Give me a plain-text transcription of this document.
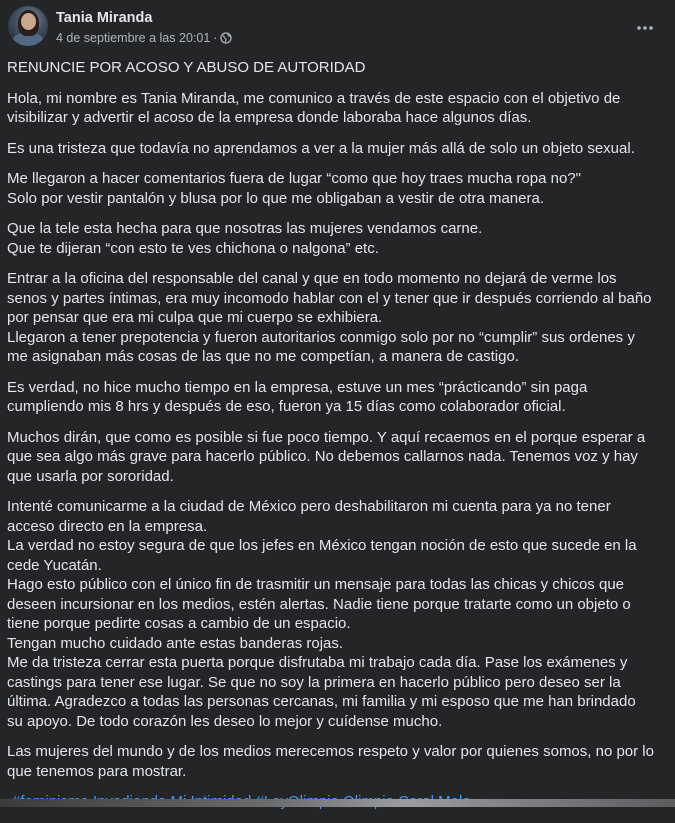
Tania Miranda
4 de septiembre a las 20:01 ·

RENUNCIE POR ACOSO Y ABUSO DE AUTORIDAD

Hola, mi nombre es Tania Miranda, me comunico a través de este espacio con el objetivo de visibilizar y advertir el acoso de la empresa donde laboraba hace algunos días.

Es una tristeza que todavía no aprendamos a ver a la mujer más allá de solo un objeto sexual.

Me llegaron a hacer comentarios fuera de lugar “como que hoy traes mucha ropa no?"
Solo por vestir pantalón y blusa por lo que me obligaban a vestir de otra manera.

Que la tele esta hecha para que nosotras las mujeres vendamos carne.
Que te dijeran “con esto te ves chichona o nalgona” etc.

Entrar a la oficina del responsable del canal y que en todo momento no dejará de verme los senos y partes íntimas, era muy incomodo hablar con el y tener que ir después corriendo al baño por pensar que era mi culpa que mi cuerpo se exhibiera.
Llegaron a tener prepotencia y fueron autoritarios conmigo solo por no “cumplir” sus ordenes y me asignaban más cosas de las que no me competían, a manera de castigo.

Es verdad, no hice mucho tiempo en la empresa, estuve un mes “prácticando” sin paga cumpliendo mis 8 hrs y después de eso, fueron ya 15 días como colaborador oficial.

Muchos dirán, que como es posible si fue poco tiempo. Y aquí recaemos en el porque esperar a que sea algo más grave para hacerlo público. No debemos callarnos nada. Tenemos voz y hay que usarla por sororidad.

Intenté comunicarme a la ciudad de México pero deshabilitaron mi cuenta para ya no tener acceso directo en la empresa.
La verdad no estoy segura de que los jefes en México tengan noción de esto que sucede en la cede Yucatán.
Hago esto público con el único fin de trasmitir un mensaje para todas las chicas y chicos que deseen incursionar en los medios, estén alertas. Nadie tiene porque tratarte como un objeto o tiene porque pedirte cosas a cambio de un espacio.
Tengan mucho cuidado ante estas banderas rojas.
Me da tristeza cerrar esta puerta porque disfrutaba mi trabajo cada día. Pase los exámenes y castings para tener ese lugar. Se que no soy la primera en hacerlo público pero deseo ser la última. Agradezco a todas las personas cercanas, mi familia y mi esposo que me han brindado su apoyo. De todo corazón les deseo lo mejor y cuídense mucho.

Las mujeres del mundo y de los medios merecemos respeto y valor por quienes somos, no por lo que tenemos para mostrar.
